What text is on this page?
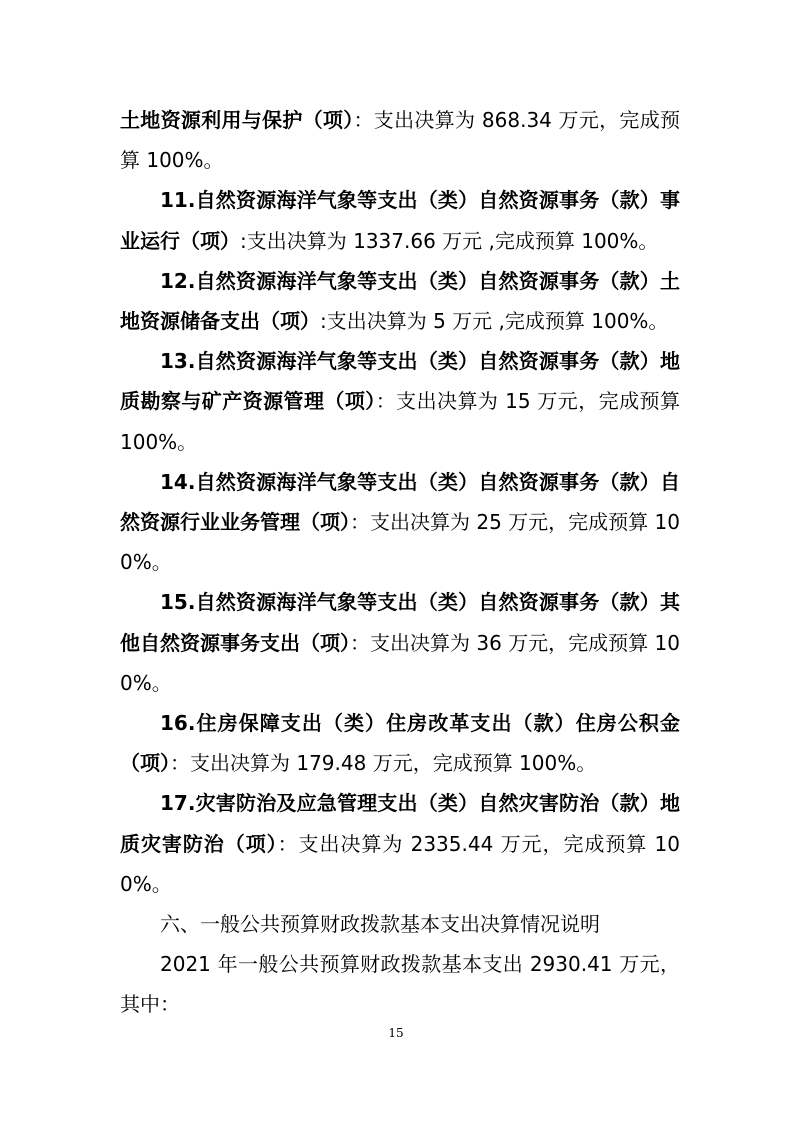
土地资源利用与保护（项）：支出决算为 868.34 万元，完成预算 100%。

11.自然资源海洋气象等支出（类）自然资源事务（款）事业运行（项）:支出决算为 1337.66 万元 ,完成预算 100%。

12.自然资源海洋气象等支出（类）自然资源事务（款）土地资源储备支出（项）:支出决算为 5 万元 ,完成预算 100%。

13.自然资源海洋气象等支出（类）自然资源事务（款）地质勘察与矿产资源管理（项）：支出决算为 15 万元，完成预算 100%。

14.自然资源海洋气象等支出（类）自然资源事务（款）自然资源行业业务管理（项）：支出决算为 25 万元，完成预算 100%。

15.自然资源海洋气象等支出（类）自然资源事务（款）其他自然资源事务支出（项）：支出决算为 36 万元，完成预算 100%。

16.住房保障支出（类）住房改革支出（款）住房公积金（项）：支出决算为 179.48 万元，完成预算 100%。

17.灾害防治及应急管理支出（类）自然灾害防治（款）地质灾害防治（项）：支出决算为 2335.44 万元，完成预算 100%。

六、一般公共预算财政拨款基本支出决算情况说明

2021 年一般公共预算财政拨款基本支出 2930.41 万元，其中：

15
